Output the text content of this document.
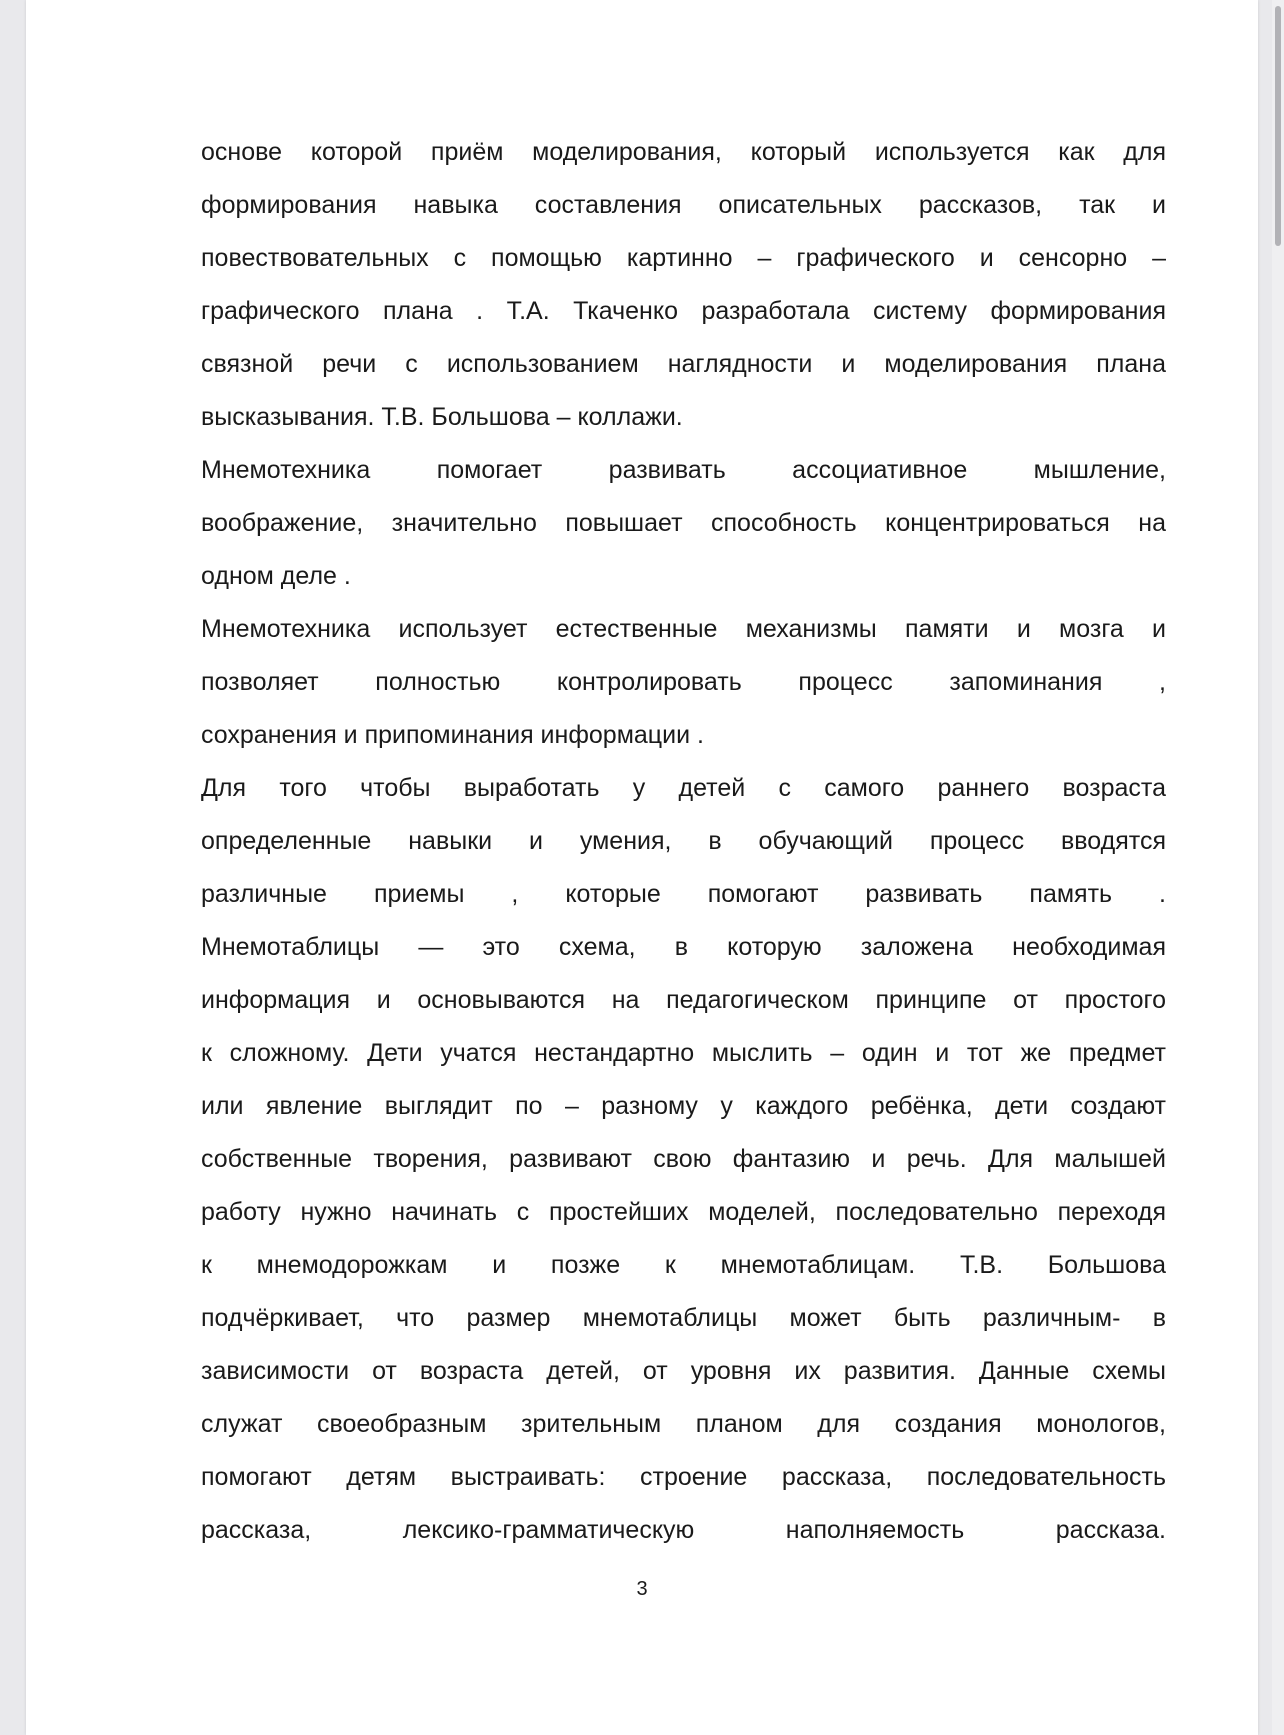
основе которой приём моделирования, который используется как для
формирования навыка составления описательных рассказов, так и
повествовательных с помощью картинно – графического и сенсорно –
графического плана . Т.А. Ткаченко разработала систему формирования
связной речи с использованием наглядности и моделирования плана
высказывания. Т.В. Большова – коллажи.
Мнемотехника помогает развивать ассоциативное мышление,
воображение, значительно повышает способность концентрироваться на
одном деле .
Мнемотехника использует естественные механизмы памяти и мозга и
позволяет полностью контролировать процесс запоминания ,
сохранения и припоминания информации .
Для того чтобы выработать у детей с самого раннего возраста
определенные навыки и умения, в обучающий процесс вводятся
различные приемы , которые помогают развивать память .
Мнемотаблицы — это схема, в которую заложена необходимая
информация и основываются на педагогическом принципе от простого
к сложному. Дети учатся нестандартно мыслить – один и тот же предмет
или явление выглядит по – разному у каждого ребёнка, дети создают
собственные творения, развивают свою фантазию и речь. Для малышей
работу нужно начинать с простейших моделей, последовательно переходя
к мнемодорожкам и позже к мнемотаблицам. Т.В. Большова
подчёркивает, что размер мнемотаблицы может быть различным- в
зависимости от возраста детей, от уровня их развития. Данные схемы
служат своеобразным зрительным планом для создания монологов,
помогают детям выстраивать: строение рассказа, последовательность
рассказа, лексико-грамматическую наполняемость рассказа.
3
